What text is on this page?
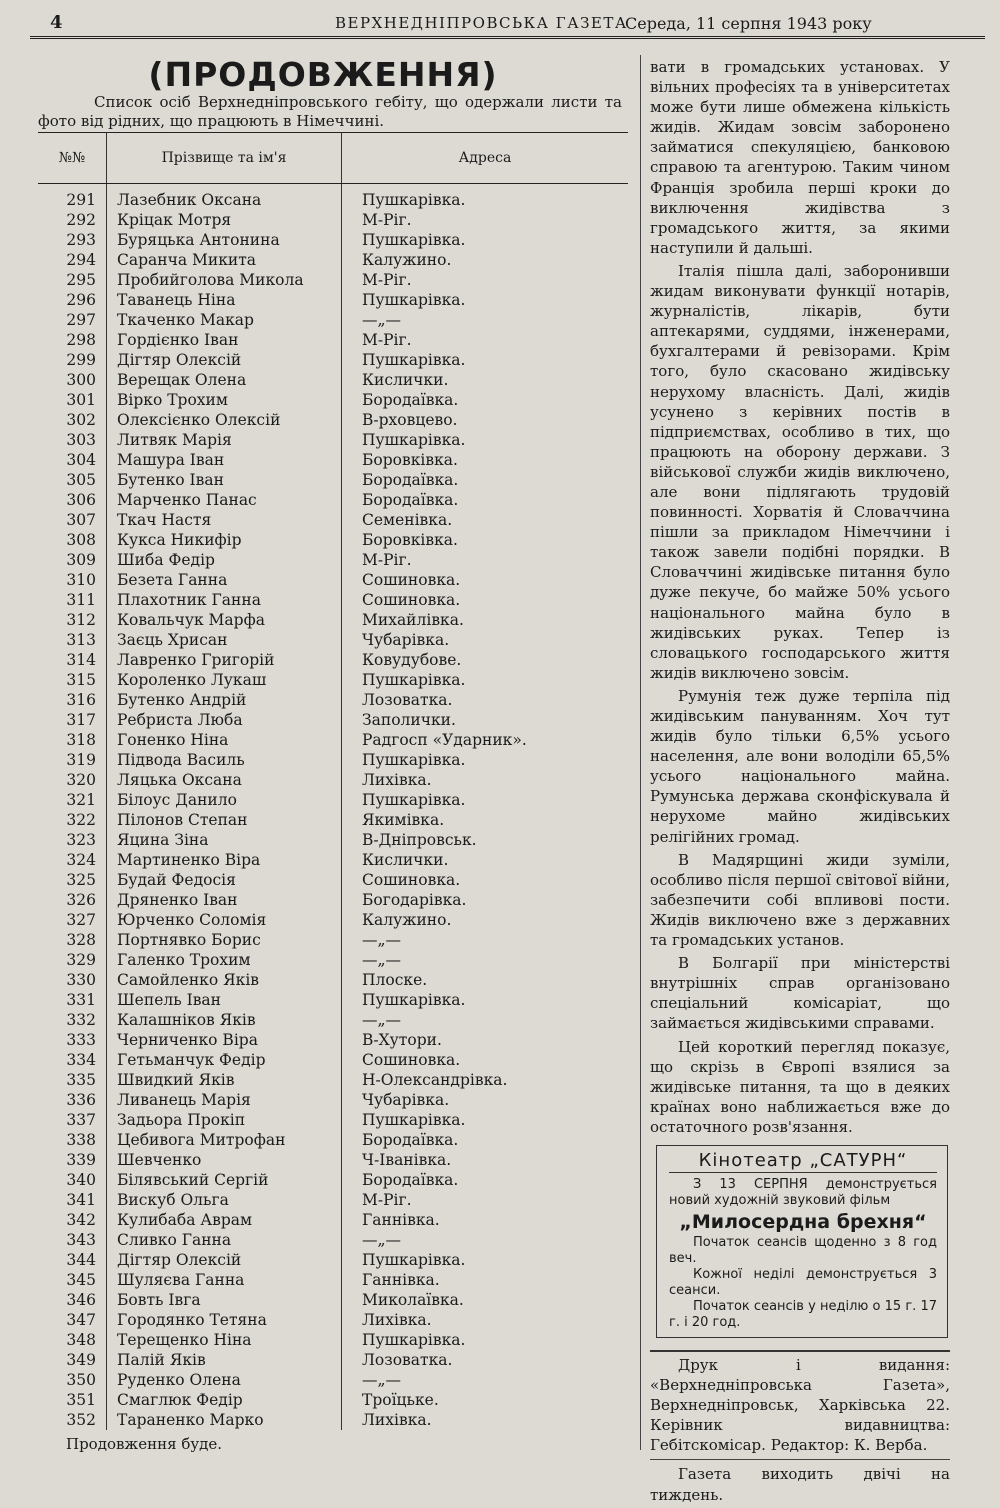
4	ВЕРХНЕДНІПРОВСЬКА ГАЗЕТА
Середа, 11 серпня 1943 року
(ПРОДОВЖЕННЯ)
Список осіб Верхнедніпровського гебіту, що одержали листи та фото від рідних, що працюють в Німеччині.
№№	Прізвище та ім'я	Адреса
291	Лазебник Оксана	Пушкарівка.
292	Кріцак Мотря	М-Ріг.
293	Буряцька Антонина	Пушкарівка.
294	Саранча Микита	Калужино.
295	Пробийголова Микола	М-Ріг.
296	Таванець Ніна	Пушкарівка.
297	Ткаченко Макар	—„—
298	Гордієнко Іван	М-Ріг.
299	Дігтяр Олексій	Пушкарівка.
300	Верещак Олена	Кислички.
301	Вірко Трохим	Бородаївка.
302	Олексієнко Олексій	В-рховцево.
303	Литвяк Марія	Пушкарівка.
304	Машура Іван	Боровківка.
305	Бутенко Іван	Бородаївка.
306	Марченко Панас	Бородаївка.
307	Ткач Настя	Семенівка.
308	Кукса Никифір	Боровківка.
309	Шиба Федір	М-Ріг.
310	Безета Ганна	Сошиновка.
311	Плахотник Ганна	Сошиновка.
312	Ковальчук Марфа	Михайлівка.
313	Заєць Хрисан	Чубарівка.
314	Лавренко Григорій	Ковудубове.
315	Короленко Лукаш	Пушкарівка.
316	Бутенко Андрій	Лозоватка.
317	Ребриста Люба	Заполички.
318	Гоненко Ніна	Радгосп «Ударник».
319	Підвода Василь	Пушкарівка.
320	Ляцька Оксана	Лихівка.
321	Білоус Данило	Пушкарівка.
322	Пілонов Степан	Якимівка.
323	Яцина Зіна	В-Дніпровськ.
324	Мартиненко Віра	Кислички.
325	Будай Федосія	Сошиновка.
326	Дряненко Іван	Богодарівка.
327	Юрченко Соломія	Калужино.
328	Портнявко Борис	—„—
329	Галенко Трохим	—„—
330	Самойленко Яків	Плоске.
331	Шепель Іван	Пушкарівка.
332	Калашніков Яків	—„—
333	Черниченко Віра	В-Хутори.
334	Гетьманчук Федір	Сошиновка.
335	Швидкий Яків	Н-Олександрівка.
336	Ливанець Марія	Чубарівка.
337	Задьора Прокіп	Пушкарівка.
338	Цебивога Митрофан	Бородаївка.
339	Шевченко	Ч-Іванівка.
340	Білявський Сергій	Бородаївка.
341	Вискуб Ольга	М-Ріг.
342	Кулибаба Аврам	Ганнівка.
343	Сливко Ганна	—„—
344	Дігтяр Олексій	Пушкарівка.
345	Шуляєва Ганна	Ганнівка.
346	Бовть Івга	Миколаївка.
347	Городянко Тетяна	Лихівка.
348	Терещенко Ніна	Пушкарівка.
349	Палій Яків	Лозоватка.
350	Руденко Олена	—„—
351	Смаглюк Федір	Троїцьке.
352	Тараненко Марко	Лихівка.
Продовження буде.

вати в громадських установах. У вільних професіях та в університетах може бути лише обмежена кількість жидів. Жидам зовсім заборонено займатися спекуляцією, банковою справою та агентурою. Таким чином Франція зробила перші кроки до виключення жидівства з громадського життя, за якими наступили й дальші.

Італія пішла далі, заборонивши жидам виконувати функції нотарів, журналістів, лікарів, бути аптекарями, суддями, інженерами, бухгалтерами й ревізорами. Крім того, було скасовано жидівську нерухому власність. Далі, жидів усунено з керівних постів в підприємствах, особливо в тих, що працюють на оборону держави. З військової служби жидів виключено, але вони підлягають трудовій повинності. Хорватія й Словаччина пішли за прикладом Німеччини і також завели подібні порядки. В Словаччині жидівське питання було дуже пекуче, бо майже 50% усього національного майна було в жидівських руках. Тепер із словацького господарського життя жидів виключено зовсім.

Румунія теж дуже терпіла під жидівським пануванням. Хоч тут жидів було тільки 6,5% усього населення, але вони володіли 65,5% усього національного майна. Румунська держава сконфіскувала й нерухоме майно жидівських релігійних громад.

В Мадярщині жиди зуміли, особливо після першої світової війни, забезпечити собі впливові пости. Жидів виключено вже з державних та громадських установ.

В Болгарії при міністерстві внутрішніх справ організовано спеціальний комісаріат, що займається жидівськими справами.

Цей короткий перегляд показує, що скрізь в Європі взялися за жидівське питання, та що в деяких країнах воно наближається вже до остаточного розв'язання.

Кінотеатр „САТУРН“
З 13 СЕРПНЯ демонструється новий художній звуковий фільм
„Милосердна брехня“
Початок сеансів щоденно з 8 год веч.
Кожної неділі демонструється 3 сеанси.
Початок сеансів у неділю о 15 г. 17 г. і 20 год.

Друк і видання: «Верхнедніпровська Газета», Верхнедніпровськ, Харківська 22. Керівник видавництва: Гебітскомісар. Редактор: К. Верба.

Газета виходить двічі на тиждень.
